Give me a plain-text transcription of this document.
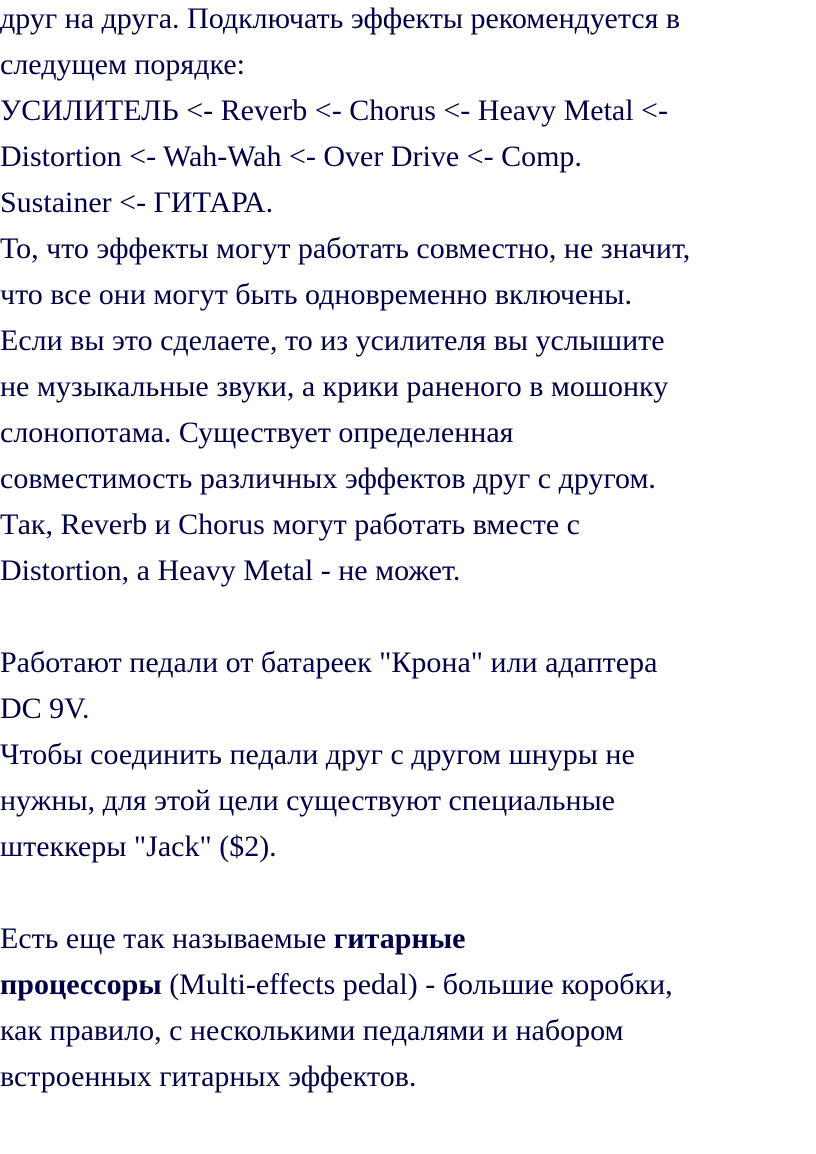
друг на друга. Подключать эффекты рекомендуется в
следущем порядке:
УСИЛИТЕЛЬ <- Reverb <- Chorus <- Heavy Metal <-
Distortion <- Wah-Wah <- Over Drive <- Comp.
Sustainer <- ГИТАРА.
То, что эффекты могут работать совместно, не значит,
что все они могут быть одновременно включены.
Если вы это сделаете, то из усилителя вы услышите
не музыкальные звуки, а крики раненого в мошонку
слонопотама. Существует определенная
совместимость различных эффектов друг с другом.
Так, Reverb и Chorus могут работать вместе с
Distortion, а Heavy Metal - не может.
Работают педали от батареек "Крона" или адаптера
DC 9V.
Чтобы соединить педали друг с другом шнуры не
нужны, для этой цели существуют специальные
штеккеры "Jack" ($2).
Есть еще так называемые гитарные
процессоры (Multi-effects pedal) - большие коробки,
как правило, с несколькими педалями и набором
встроенных гитарных эффектов.
